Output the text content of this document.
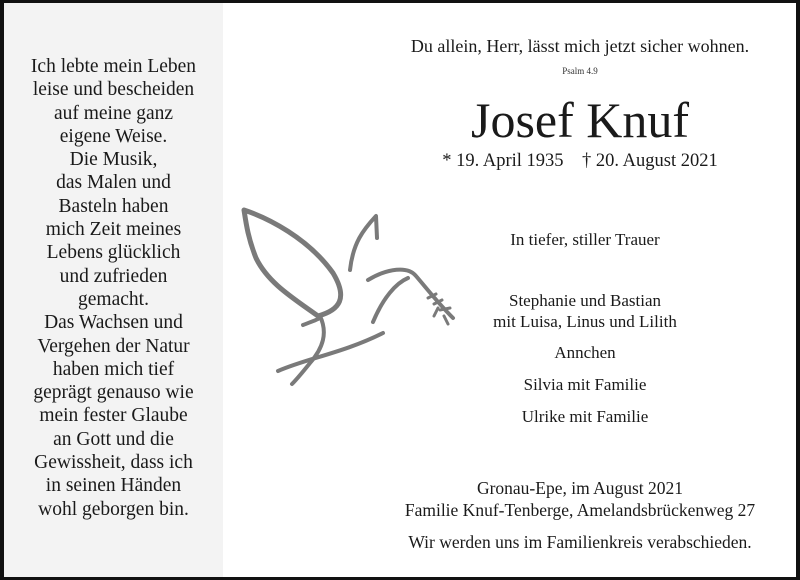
Ich lebte mein Leben
leise und bescheiden
auf meine ganz
eigene Weise.
Die Musik,
das Malen und
Basteln haben
mich Zeit meines
Lebens glücklich
und zufrieden
gemacht.
Das Wachsen und
Vergehen der Natur
haben mich tief
geprägt genauso wie
mein fester Glaube
an Gott und die
Gewissheit, dass ich
in seinen Händen
wohl geborgen bin.
Du allein, Herr, lässt mich jetzt sicher wohnen.
Psalm 4.9
Josef Knuf
* 19. April 1935 † 20. August 2021
In tiefer, stiller Trauer
Stephanie und Bastian
mit Luisa, Linus und Lilith
Annchen
Silvia mit Familie
Ulrike mit Familie
Gronau-Epe, im August 2021
Familie Knuf-Tenberge, Amelandsbrückenweg 27
Wir werden uns im Familienkreis verabschieden.
